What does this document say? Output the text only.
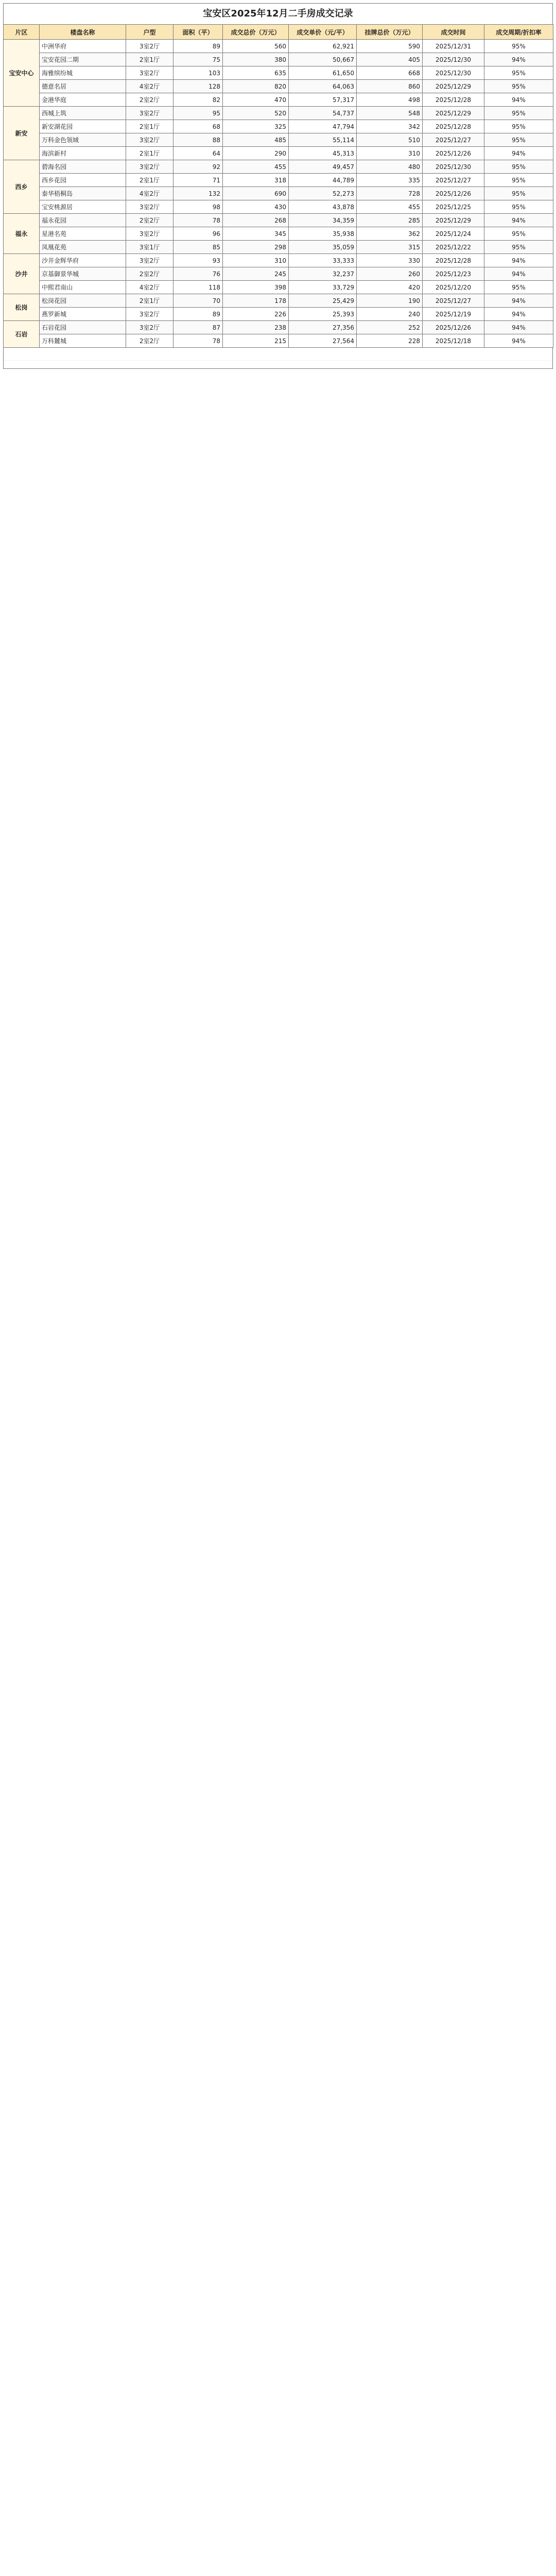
宝安区2025年12月二手房成交记录
片区	楼盘名称	户型	面积（平）	成交总价（万元）	成交单价（元/平）	挂牌总价（万元）	成交时间	成交周期/折扣率
宝安中心	中洲华府	3室2厅	89	560	62,921	590	2025/12/31	95%
	宝安花园二期	2室1厅	75	380	50,667	405	2025/12/30	94%
	海雅缤纷城	3室2厅	103	635	61,650	668	2025/12/30	95%
	德意名居	4室2厅	128	820	64,063	860	2025/12/29	95%
	金港华庭	2室2厅	82	470	57,317	498	2025/12/28	94%
新安	西城上筑	3室2厅	95	520	54,737	548	2025/12/29	95%
	新安湖花园	2室1厅	68	325	47,794	342	2025/12/28	95%
	万科金色领域	3室2厅	88	485	55,114	510	2025/12/27	95%
	海滨新村	2室1厅	64	290	45,313	310	2025/12/26	94%
西乡	碧海名园	3室2厅	92	455	49,457	480	2025/12/30	95%
	西乡花园	2室1厅	71	318	44,789	335	2025/12/27	95%
	泰华梧桐岛	4室2厅	132	690	52,273	728	2025/12/26	95%
	宝安桃源居	3室2厅	98	430	43,878	455	2025/12/25	95%
福永	福永花园	2室2厅	78	268	34,359	285	2025/12/29	94%
	星港名苑	3室2厅	96	345	35,938	362	2025/12/24	95%
	凤凰花苑	3室1厅	85	298	35,059	315	2025/12/22	95%
沙井	沙井金辉华府	3室2厅	93	310	33,333	330	2025/12/28	94%
	京基御景华城	2室2厅	76	245	32,237	260	2025/12/23	94%
	中熙君南山	4室2厅	118	398	33,729	420	2025/12/20	95%
松岗	松岗花园	2室1厅	70	178	25,429	190	2025/12/27	94%
	燕罗新城	3室2厅	89	226	25,393	240	2025/12/19	94%
石岩	石岩花园	3室2厅	87	238	27,356	252	2025/12/26	94%
	万科麓城	2室2厅	78	215	27,564	228	2025/12/18	94%
